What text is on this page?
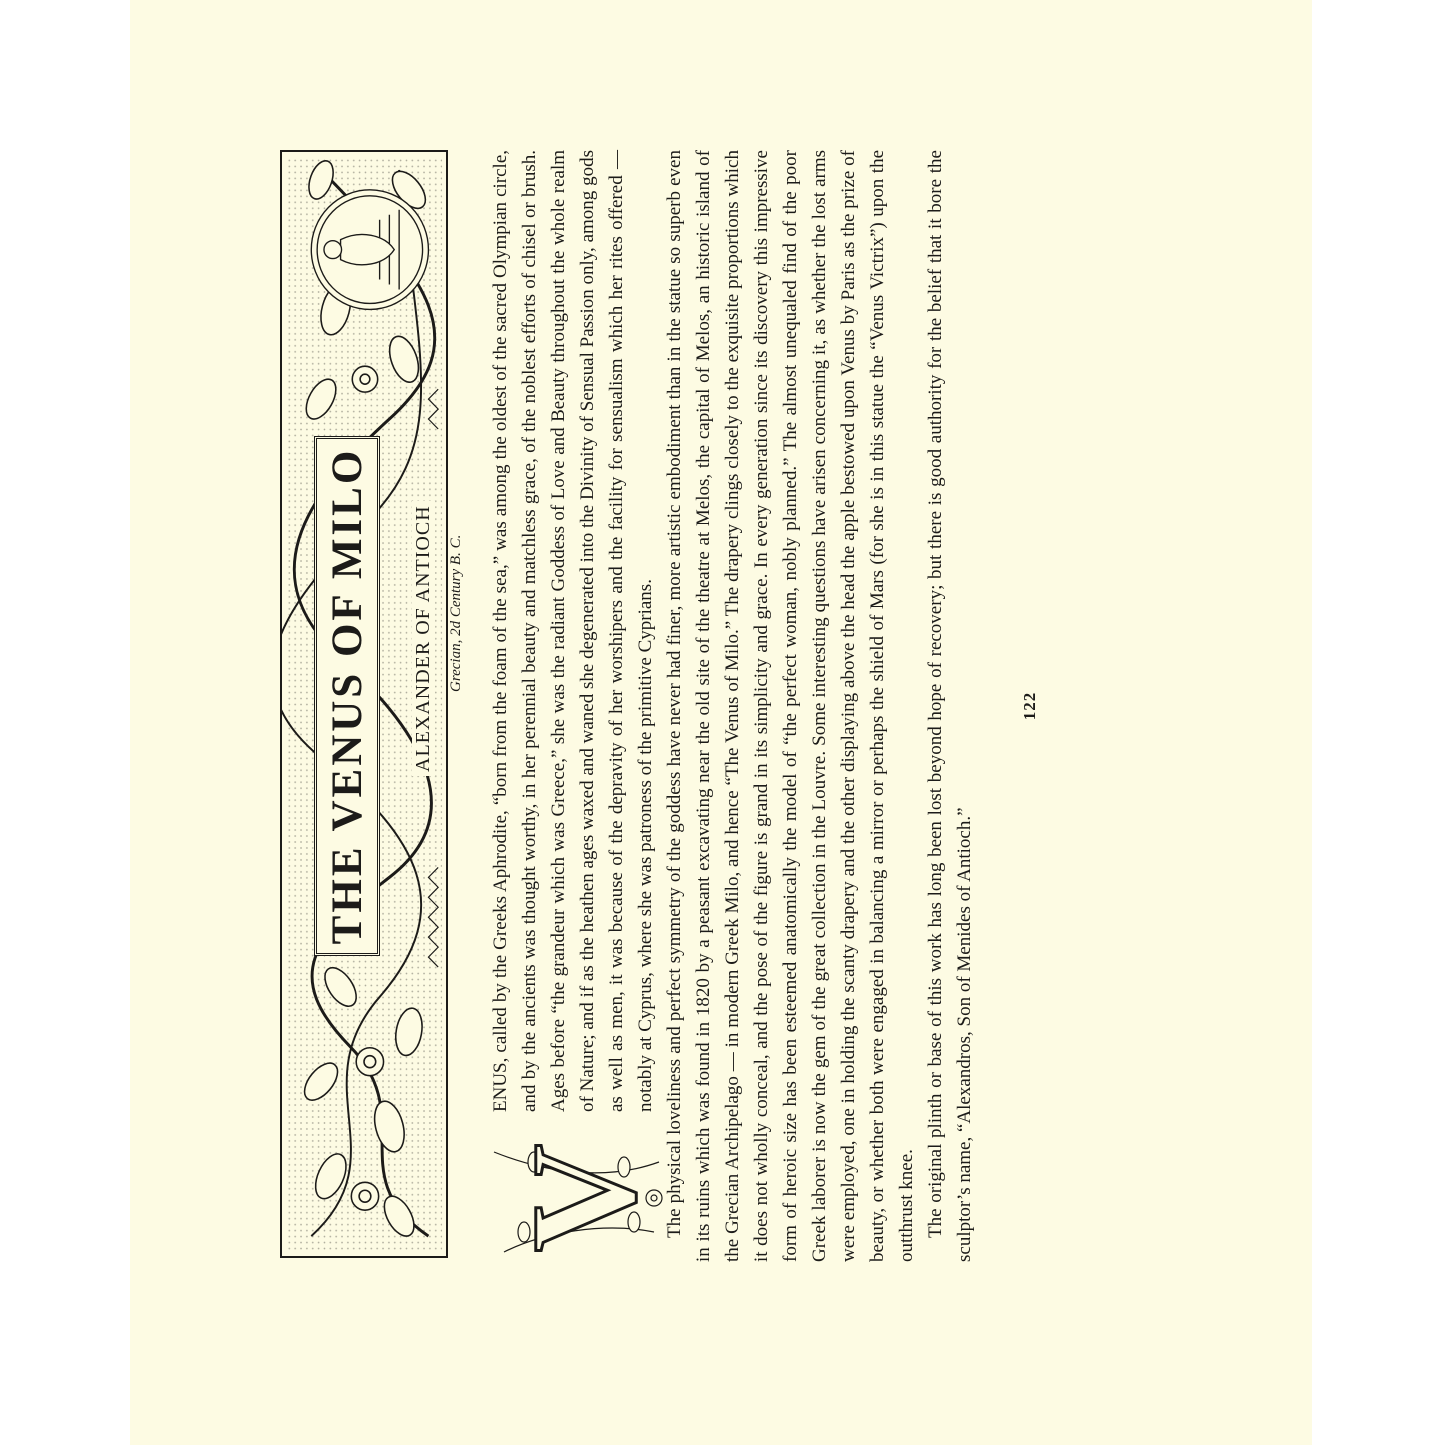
THE VENUS OF MILO ALEXANDER OF ANTIOCH Grecian, 2d Century B. C.
V

ENUS, called by the Greeks Aphrodite, “born from the foam of the sea,” was among the oldest of the sacred Olympian circle, and by the ancients was thought worthy, in her perennial beauty and matchless grace, of the noblest efforts of chisel or brush. Ages before “the grandeur which was Greece,” she was the radiant Goddess of Love and Beauty throughout the whole realm of Nature; and if as the heathen ages waxed and waned she degenerated into the Divinity of Sensual Passion only, among gods as well as men, it was because of the depravity of her worshipers and the facility for sensualism which her rites offered — notably at Cyprus, where she was patroness of the primitive Cyprians. The physical loveliness and perfect symmetry of the goddess have never had finer, more artistic embodiment than in the statue so superb even in its ruins which was found in 1820 by a peasant excavating near the old site of the theatre at Melos, the capital of Melos, an historic island of the Grecian Archipelago — in modern Greek Milo, and hence “The Venus of Milo.” The drapery clings closely to the exquisite proportions which it does not wholly conceal, and the pose of the figure is grand in its simplicity and grace. In every generation since its discovery this impressive form of heroic size has been esteemed anatomically the model of “the perfect woman, nobly planned.” The almost unequaled find of the poor Greek laborer is now the gem of the great collection in the Louvre. Some interesting questions have arisen concerning it, as whether the lost arms were employed, one in holding the scanty drapery and the other displaying above the head the apple bestowed upon Venus by Paris as the prize of beauty, or whether both were engaged in balancing a mirror or perhaps the shield of Mars (for she is in this statue the “Venus Victrix”) upon the outthrust knee. The original plinth or base of this work has long been lost beyond hope of recovery; but there is good authority for the belief that it bore the sculptor’s name, “Alexandros, Son of Menides of Antioch.”

122
